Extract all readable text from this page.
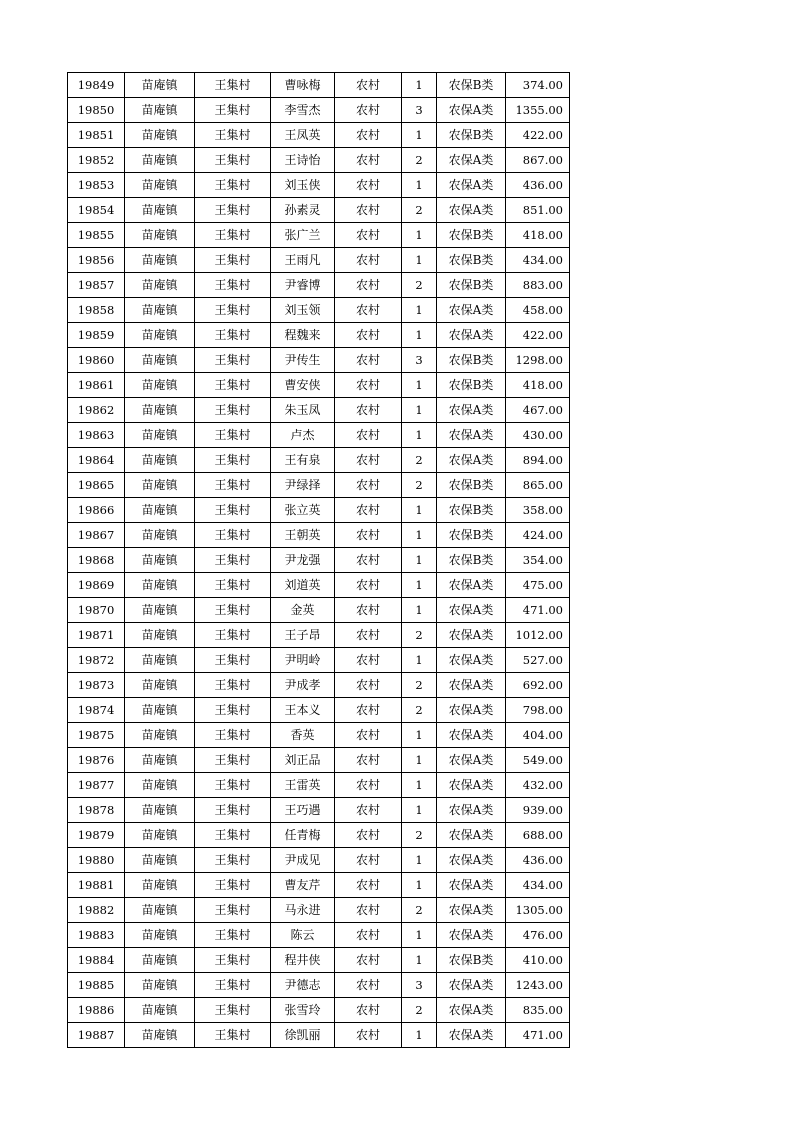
19849	苗庵镇	王集村	曹咏梅	农村	1	农保B类	374.00
19850	苗庵镇	王集村	李雪杰	农村	3	农保A类	1355.00
19851	苗庵镇	王集村	王凤英	农村	1	农保B类	422.00
19852	苗庵镇	王集村	王诗怡	农村	2	农保A类	867.00
19853	苗庵镇	王集村	刘玉侠	农村	1	农保A类	436.00
19854	苗庵镇	王集村	孙素灵	农村	2	农保A类	851.00
19855	苗庵镇	王集村	张广兰	农村	1	农保B类	418.00
19856	苗庵镇	王集村	王雨凡	农村	1	农保B类	434.00
19857	苗庵镇	王集村	尹睿博	农村	2	农保B类	883.00
19858	苗庵镇	王集村	刘玉领	农村	1	农保A类	458.00
19859	苗庵镇	王集村	程魏来	农村	1	农保A类	422.00
19860	苗庵镇	王集村	尹传生	农村	3	农保B类	1298.00
19861	苗庵镇	王集村	曹安侠	农村	1	农保B类	418.00
19862	苗庵镇	王集村	朱玉凤	农村	1	农保A类	467.00
19863	苗庵镇	王集村	卢杰	农村	1	农保A类	430.00
19864	苗庵镇	王集村	王有泉	农村	2	农保A类	894.00
19865	苗庵镇	王集村	尹绿择	农村	2	农保B类	865.00
19866	苗庵镇	王集村	张立英	农村	1	农保B类	358.00
19867	苗庵镇	王集村	王朝英	农村	1	农保B类	424.00
19868	苗庵镇	王集村	尹龙强	农村	1	农保B类	354.00
19869	苗庵镇	王集村	刘道英	农村	1	农保A类	475.00
19870	苗庵镇	王集村	金英	农村	1	农保A类	471.00
19871	苗庵镇	王集村	王子昂	农村	2	农保A类	1012.00
19872	苗庵镇	王集村	尹明岭	农村	1	农保A类	527.00
19873	苗庵镇	王集村	尹成孝	农村	2	农保A类	692.00
19874	苗庵镇	王集村	王本义	农村	2	农保A类	798.00
19875	苗庵镇	王集村	香英	农村	1	农保A类	404.00
19876	苗庵镇	王集村	刘正品	农村	1	农保A类	549.00
19877	苗庵镇	王集村	王雷英	农村	1	农保A类	432.00
19878	苗庵镇	王集村	王巧遇	农村	1	农保A类	939.00
19879	苗庵镇	王集村	任青梅	农村	2	农保A类	688.00
19880	苗庵镇	王集村	尹成见	农村	1	农保A类	436.00
19881	苗庵镇	王集村	曹友芹	农村	1	农保A类	434.00
19882	苗庵镇	王集村	马永进	农村	2	农保A类	1305.00
19883	苗庵镇	王集村	陈云	农村	1	农保A类	476.00
19884	苗庵镇	王集村	程井侠	农村	1	农保B类	410.00
19885	苗庵镇	王集村	尹德志	农村	3	农保A类	1243.00
19886	苗庵镇	王集村	张雪玲	农村	2	农保A类	835.00
19887	苗庵镇	王集村	徐凯丽	农村	1	农保A类	471.00
